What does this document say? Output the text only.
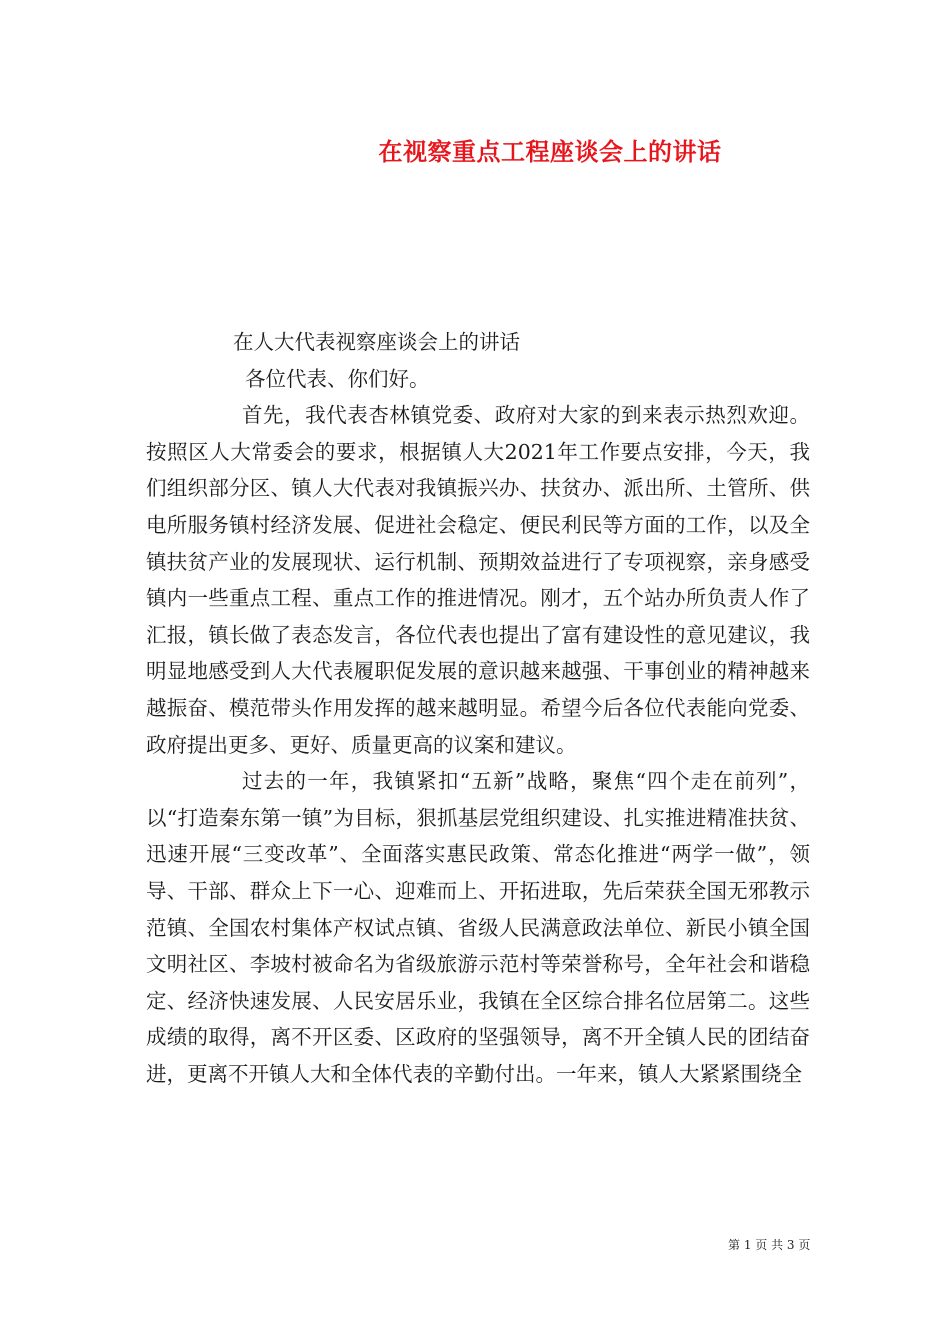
在视察重点工程座谈会上的讲话

在人大代表视察座谈会上的讲话

各位代表、你们好。

首先，我代表杏林镇党委、政府对大家的到来表示热烈欢迎。按照区人大常委会的要求，根据镇人大2021年工作要点安排，今天，我们组织部分区、镇人大代表对我镇振兴办、扶贫办、派出所、土管所、供电所服务镇村经济发展、促进社会稳定、便民利民等方面的工作，以及全镇扶贫产业的发展现状、运行机制、预期效益进行了专项视察，亲身感受镇内一些重点工程、重点工作的推进情况。刚才，五个站办所负责人作了汇报，镇长做了表态发言，各位代表也提出了富有建设性的意见建议，我明显地感受到人大代表履职促发展的意识越来越强、干事创业的精神越来越振奋、模范带头作用发挥的越来越明显。希望今后各位代表能向党委、政府提出更多、更好、质量更高的议案和建议。

过去的一年，我镇紧扣“五新”战略，聚焦“四个走在前列”，以“打造秦东第一镇”为目标，狠抓基层党组织建设、扎实推进精准扶贫、迅速开展“三变改革”、全面落实惠民政策、常态化推进“两学一做”，领导、干部、群众上下一心、迎难而上、开拓进取，先后荣获全国无邪教示范镇、全国农村集体产权试点镇、省级人民满意政法单位、新民小镇全国文明社区、李坡村被命名为省级旅游示范村等荣誉称号，全年社会和谐稳定、经济快速发展、人民安居乐业，我镇在全区综合排名位居第二。这些成绩的取得，离不开区委、区政府的坚强领导，离不开全镇人民的团结奋进，更离不开镇人大和全体代表的辛勤付出。一年来，镇人大紧紧围绕全

第 1 页 共 3 页
